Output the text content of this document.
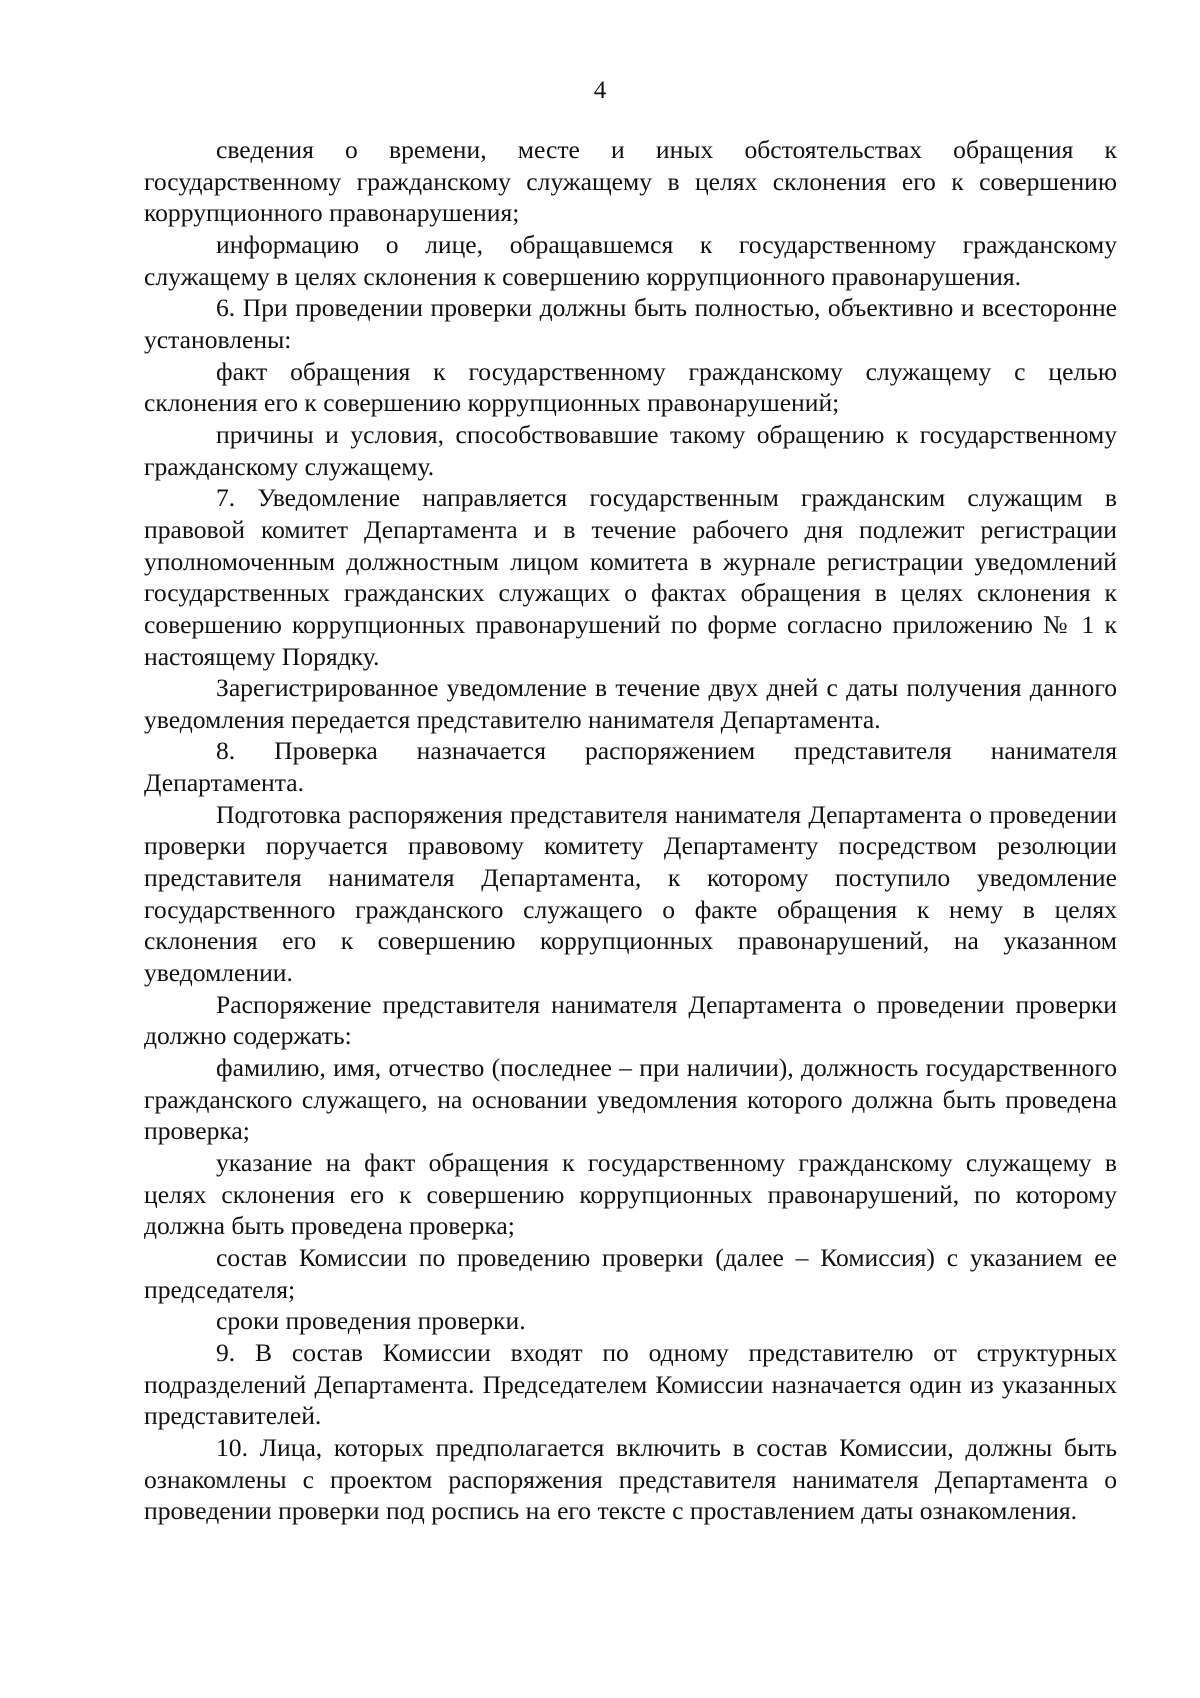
4

сведения о времени, месте и иных обстоятельствах обращения к государственному гражданскому служащему в целях склонения его к совершению коррупционного правонарушения;

информацию о лице, обращавшемся к государственному гражданскому служащему в целях склонения к совершению коррупционного правонарушения.

6. При проведении проверки должны быть полностью, объективно и всесторонне установлены:

факт обращения к государственному гражданскому служащему с целью склонения его к совершению коррупционных правонарушений;

причины и условия, способствовавшие такому обращению к государственному гражданскому служащему.

7. Уведомление направляется государственным гражданским служащим в правовой комитет Департамента и в течение рабочего дня подлежит регистрации уполномоченным должностным лицом комитета в журнале регистрации уведомлений государственных гражданских служащих о фактах обращения в целях склонения к совершению коррупционных правонарушений по форме согласно приложению № 1 к настоящему Порядку.

Зарегистрированное уведомление в течение двух дней с даты получения данного уведомления передается представителю нанимателя Департамента.

8. Проверка назначается распоряжением представителя нанимателя Департамента.

Подготовка распоряжения представителя нанимателя Департамента о проведении проверки поручается правовому комитету Департаменту посредством резолюции представителя нанимателя Департамента, к которому поступило уведомление государственного гражданского служащего о факте обращения к нему в целях склонения его к совершению коррупционных правонарушений, на указанном уведомлении.

Распоряжение представителя нанимателя Департамента о проведении проверки должно содержать:

фамилию, имя, отчество (последнее – при наличии), должность государственного гражданского служащего, на основании уведомления которого должна быть проведена проверка;

указание на факт обращения к государственному гражданскому служащему в целях склонения его к совершению коррупционных правонарушений, по которому должна быть проведена проверка;

состав Комиссии по проведению проверки (далее – Комиссия) с указанием ее председателя;

сроки проведения проверки.

9. В состав Комиссии входят по одному представителю от структурных подразделений Департамента. Председателем Комиссии назначается один из указанных представителей.

10. Лица, которых предполагается включить в состав Комиссии, должны быть ознакомлены с проектом распоряжения представителя нанимателя Департамента о проведении проверки под роспись на его тексте с проставлением даты ознакомления.
